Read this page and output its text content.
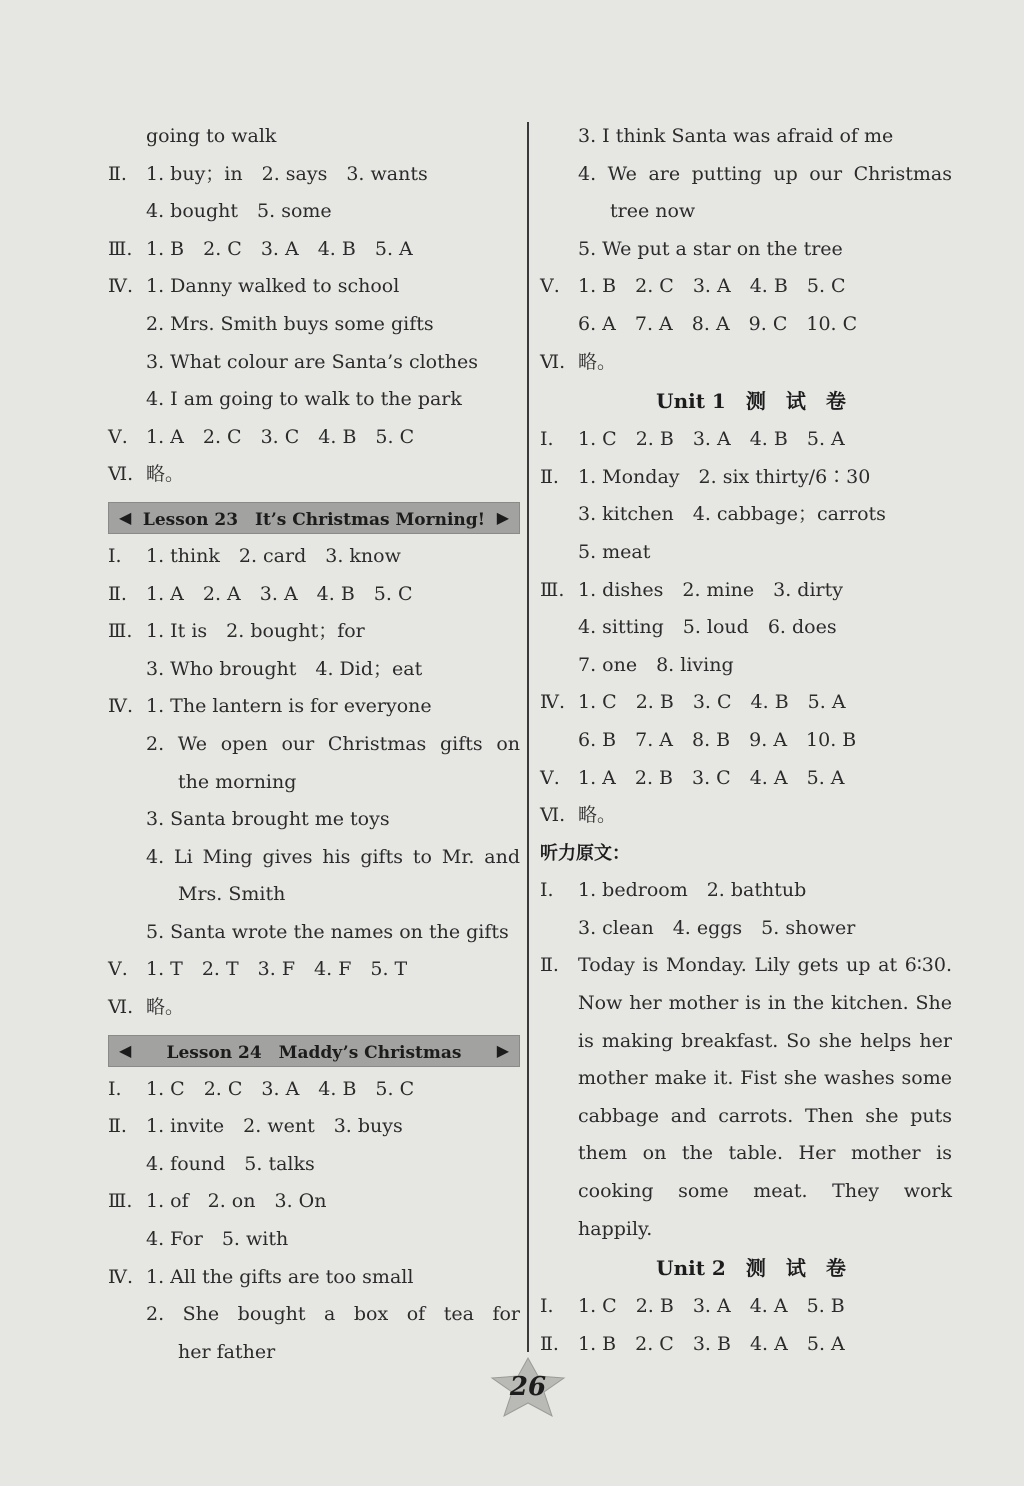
going to walk
Ⅱ.	1. buy；in　2. says　3. wants
4. bought　5. some
Ⅲ. 1. B　2. C　3. A　4. B　5. A
Ⅳ. 1. Danny walked to school
2. Mrs. Smith buys some gifts
3. What colour are Santa’s clothes
4. I am going to walk to the park
Ⅴ. 1. A　2. C　3. C　4. B　5. C
Ⅵ. 略。
◀ Lesson 23　It’s Christmas Morning! ▶
Ⅰ.	1. think　2. card　3. know
Ⅱ.	1. A　2. A　3. A　4. B　5. C
Ⅲ. 1. It is　2. bought；for
3. Who brought　4. Did；eat
Ⅳ. 1. The lantern is for everyone
2. We open our Christmas gifts on
the morning
3. Santa brought me toys
4. Li Ming gives his gifts to Mr. and
Mrs. Smith
5. Santa wrote the names on the gifts
Ⅴ. 1. T　2. T　3. F　4. F　5. T
Ⅵ. 略。
◀ Lesson 24　Maddy’s Christmas ▶
Ⅰ.	1. C　2. C　3. A　4. B　5. C
Ⅱ.	1. invite　2. went　3. buys
4. found　5. talks
Ⅲ. 1. of　2. on　3. On
4. For　5. with
Ⅳ. 1. All the gifts are too small
2. She bought a box of tea for
her father
3. I think Santa was afraid of me
4. We are putting up our Christmas
tree now
5. We put a star on the tree
Ⅴ. 1. B　2. C　3. A　4. B　5. C
6. A　7. A　8. A　9. C　10. C
Ⅵ. 略。
Unit 1　测　试　卷
Ⅰ.	1. C　2. B　3. A　4. B　5. A
Ⅱ.	1. Monday　2. six thirty/6∶30
3. kitchen　4. cabbage；carrots
5. meat
Ⅲ. 1. dishes　2. mine　3. dirty
4. sitting　5. loud　6. does
7. one　8. living
Ⅳ. 1. C　2. B　3. C　4. B　5. A
6. B　7. A　8. B　9. A　10. B
Ⅴ. 1. A　2. B　3. C　4. A　5. A
Ⅵ. 略。
听力原文：
Ⅰ.	1. bedroom　2. bathtub
3. clean　4. eggs　5. shower
Ⅱ.	Today is Monday. Lily gets up at 6∶30.
Now her mother is in the kitchen. She
is making breakfast. So she helps her
mother make it. Fist she washes some
cabbage and carrots. Then she puts
them on the table. Her mother is
cooking some meat. They work
happily.
Unit 2　测　试　卷
Ⅰ.	1. C　2. B　3. A　4. A　5. B
Ⅱ.	1. B　2. C　3. B　4. A　5. A
26
